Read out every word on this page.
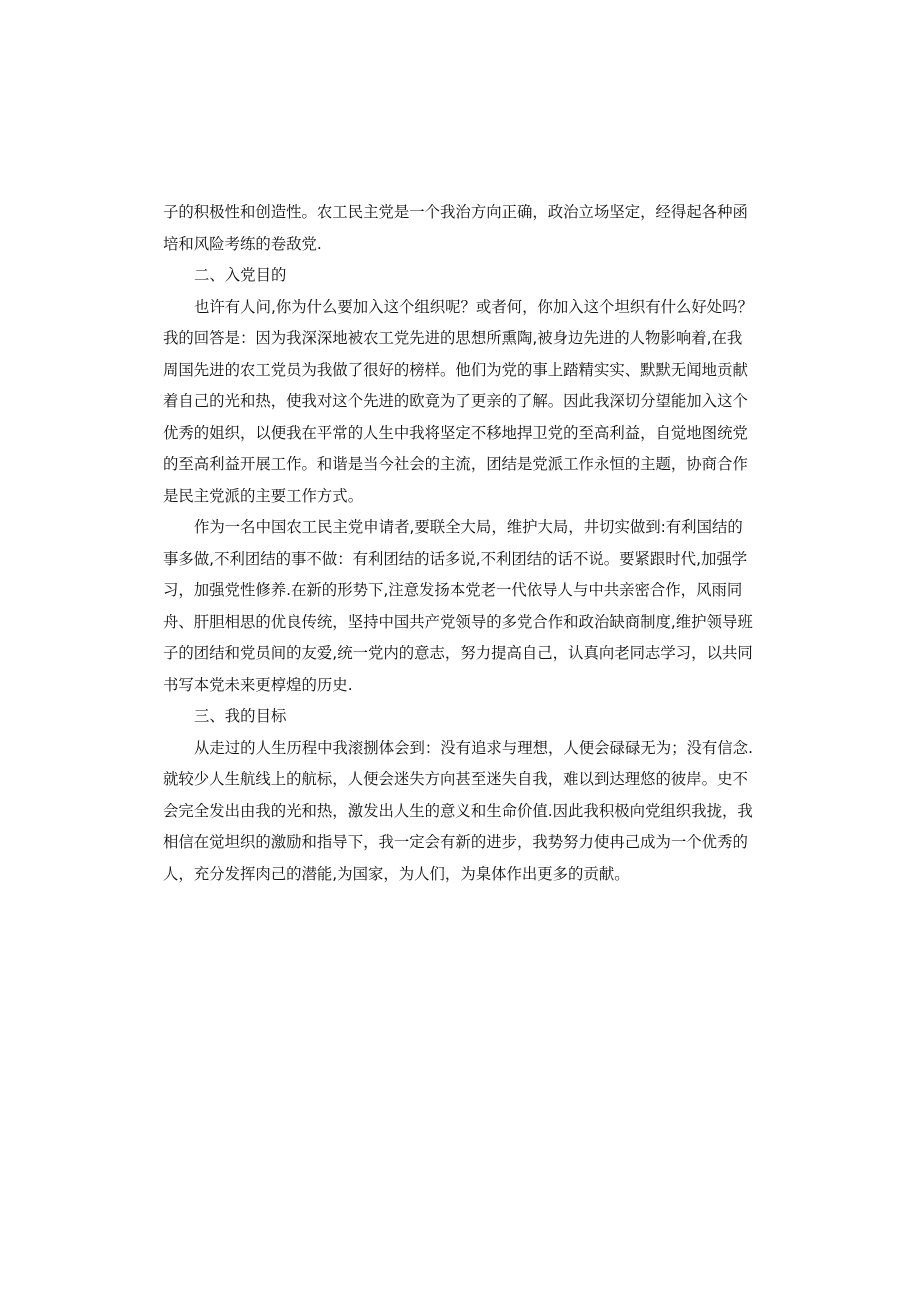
子的积极性和创造性。农工民主党是一个我治方向正确，政治立场坚定，经得起各种函
培和风险考练的卷敌党.
二、入党目的
也许有人问,你为什么要加入这个组织呢？或者何，你加入这个坦织有什么好处吗？
我的回答是：因为我深深地被农工党先进的思想所熏陶,被身边先进的人物影响着,在我
周国先进的农工党员为我做了很好的榜样。他们为党的事上踏精实实、默默无闻地贡献
着自己的光和热，使我对这个先进的欧竟为了更亲的了解。因此我深切分望能加入这个
优秀的姐织，以便我在平常的人生中我将坚定不移地捍卫党的至高利益，自觉地图统党
的至高利益开展工作。和谐是当今社会的主流，团结是党派工作永恒的主题，协商合作
是民主党派的主要工作方式。
作为一名中国农工民主党申请者,要联全大局，维护大局，井切实做到:有利国结的
事多做,不利团结的事不做：有利团结的话多说,不利团结的话不说。要紧跟时代,加强学
习，加强党性修养.在新的形势下,注意发扬本党老一代依导人与中共亲密合作，风雨同
舟、肝胆相思的优良传统，坚持中国共产党领导的多党合作和政治缺商制度,维护领导班
子的团结和党员间的友爱,统一党内的意志，努力提高自己，认真向老同志学习，以共同
书写本党未来更椁煌的历史.
三、我的目标
从走过的人生历程中我滚捌体会到：没有追求与理想，人便会碌碌无为；没有信念.
就较少人生航线上的航标，人便会迷失方向甚至迷失自我，难以到达理悠的彼岸。史不
会完全发出由我的光和热，激发出人生的意义和生命价值.因此我积极向党组织我拢，我
相信在觉坦织的激励和指导下，我一定会有新的进步，我势努力使冉己成为一个优秀的
人，充分发挥肉己的潜能,为国家，为人们，为臬体作出更多的贡献。
